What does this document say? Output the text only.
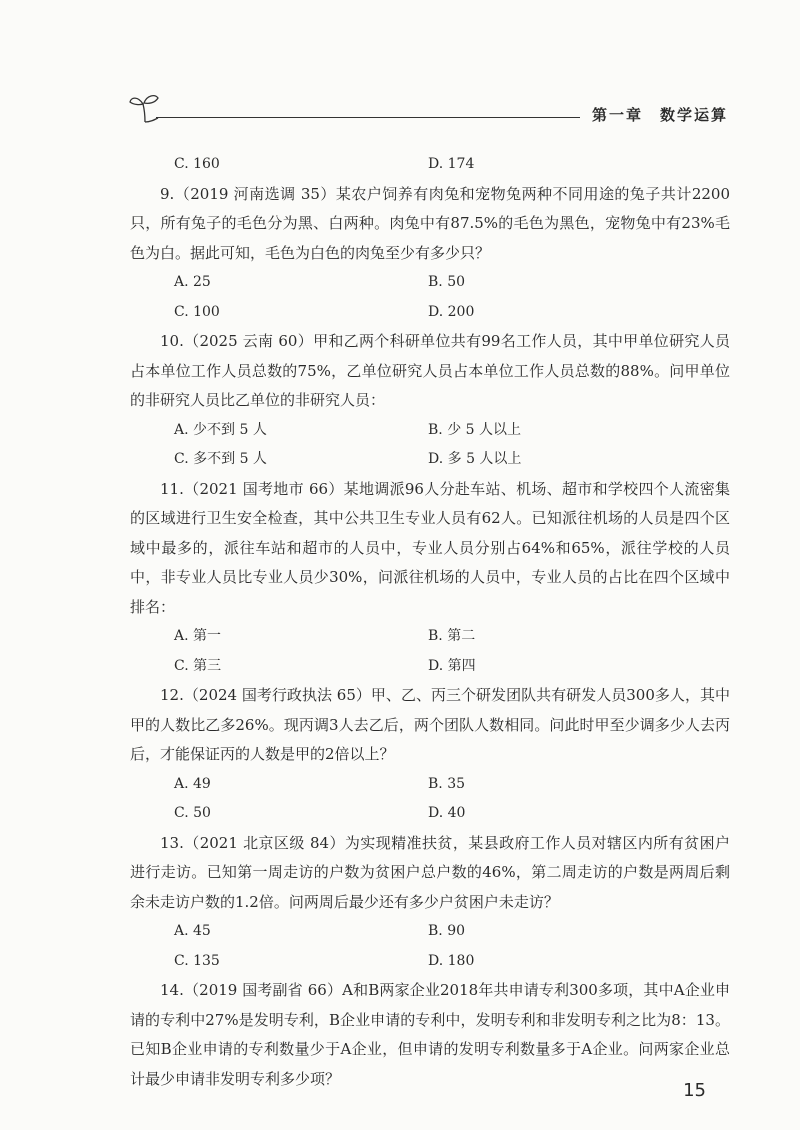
第一章　数学运算
C. 160	D. 174

9.（2019 河南选调 35）某农户饲养有肉兔和宠物兔两种不同用途的兔子共计2200只，所有兔子的毛色分为黑、白两种。肉兔中有87.5%的毛色为黑色，宠物兔中有23%毛色为白。据此可知，毛色为白色的肉兔至少有多少只？

A. 25	B. 50
C. 100	D. 200

10.（2025 云南 60）甲和乙两个科研单位共有99名工作人员，其中甲单位研究人员占本单位工作人员总数的75%，乙单位研究人员占本单位工作人员总数的88%。问甲单位的非研究人员比乙单位的非研究人员：

A. 少不到 5 人	B. 少 5 人以上
C. 多不到 5 人	D. 多 5 人以上

11.（2021 国考地市 66）某地调派96人分赴车站、机场、超市和学校四个人流密集的区域进行卫生安全检查，其中公共卫生专业人员有62人。已知派往机场的人员是四个区域中最多的，派往车站和超市的人员中，专业人员分别占64%和65%，派往学校的人员中，非专业人员比专业人员少30%，问派往机场的人员中，专业人员的占比在四个区域中排名：

A. 第一	B. 第二
C. 第三	D. 第四

12.（2024 国考行政执法 65）甲、乙、丙三个研发团队共有研发人员300多人，其中甲的人数比乙多26%。现丙调3人去乙后，两个团队人数相同。问此时甲至少调多少人去丙后，才能保证丙的人数是甲的2倍以上？

A. 49	B. 35
C. 50	D. 40

13.（2021 北京区级 84）为实现精准扶贫，某县政府工作人员对辖区内所有贫困户进行走访。已知第一周走访的户数为贫困户总户数的46%，第二周走访的户数是两周后剩余未走访户数的1.2倍。问两周后最少还有多少户贫困户未走访？

A. 45	B. 90
C. 135	D. 180

14.（2019 国考副省 66）A和B两家企业2018年共申请专利300多项，其中A企业申请的专利中27%是发明专利，B企业申请的专利中，发明专利和非发明专利之比为8：13。已知B企业申请的专利数量少于A企业，但申请的发明专利数量多于A企业。问两家企业总计最少申请非发明专利多少项？

15
